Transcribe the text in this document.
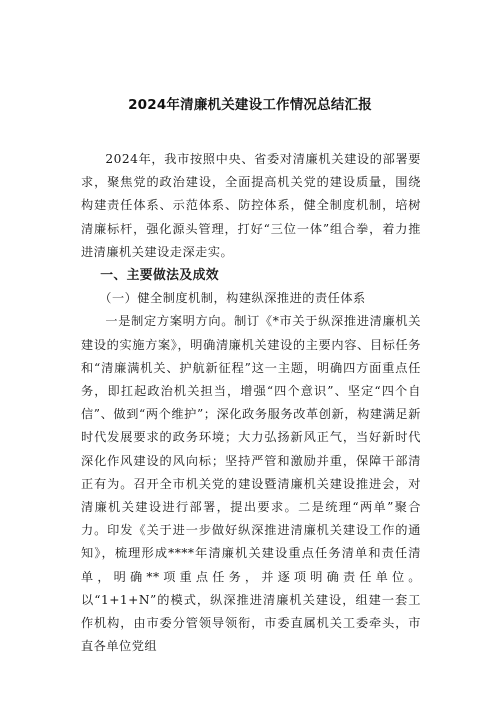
2024年清廉机关建设工作情况总结汇报

2024年，我市按照中央、省委对清廉机关建设的部署要求，聚焦党的政治建设，全面提高机关党的建设质量，围绕构建责任体系、示范体系、防控体系，健全制度机制，培树清廉标杆，强化源头管理，打好“三位一体”组合拳，着力推进清廉机关建设走深走实。

一、主要做法及成效

（一）健全制度机制，构建纵深推进的责任体系

一是制定方案明方向。制订《*市关于纵深推进清廉机关建设的实施方案》，明确清廉机关建设的主要内容、目标任务和“清廉满机关、护航新征程”这一主题，明确四方面重点任务，即扛起政治机关担当，增强“四个意识”、坚定“四个自信”、做到“两个维护”；深化政务服务改革创新，构建满足新时代发展要求的政务环境；大力弘扬新风正气，当好新时代深化作风建设的风向标；坚持严管和激励并重，保障干部清正有为。召开全市机关党的建设暨清廉机关建设推进会，对清廉机关建设进行部署，提出要求。二是统理“两单”聚合力。印发《关于进一步做好纵深推进清廉机关建设工作的通知》，梳理形成****年清廉机关建设重点任务清单和责任清单，明确**项重点任务，并逐项明确责任单位。以“1+1+N”的模式，纵深推进清廉机关建设，组建一套工作机构，由市委分管领导领衔，市委直属机关工委牵头，市直各单位党组
